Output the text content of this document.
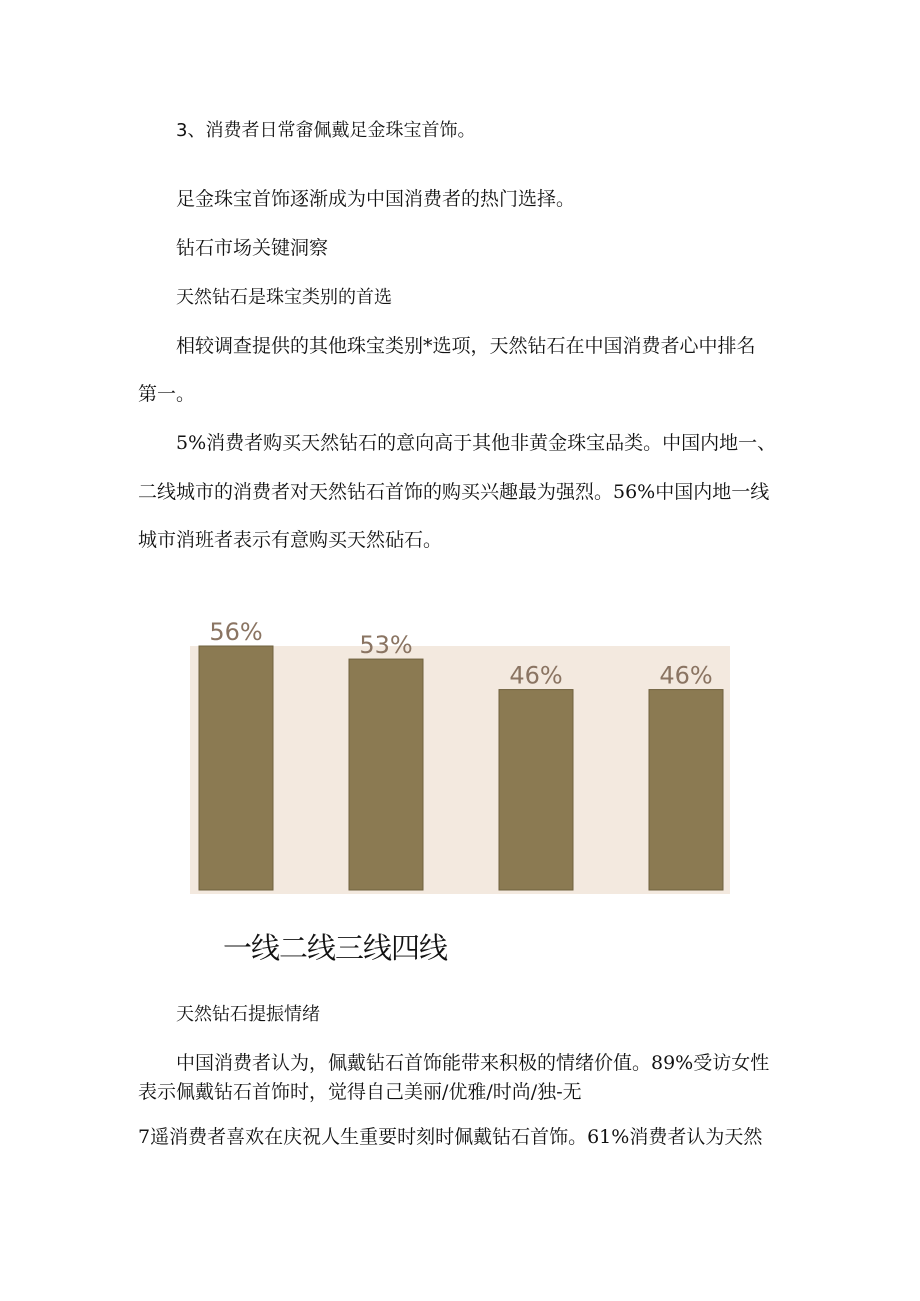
3、消费者日常畲佩戴足金珠宝首饰。
足金珠宝首饰逐渐成为中国消费者的热门选择。
钻石市场关键洞察
天然钻石是珠宝类别的首选
相较调查提供的其他珠宝类别*选项，天然钻石在中国消费者心中排名
第一。
5%消费者购买天然钻石的意向高于其他非黄金珠宝品类。中国内地一、
二线城市的消费者对天然钻石首饰的购买兴趣最为强烈。56%中国内地一线
城市消班者表示有意购买天然砧石。
56%	53%
46%	46%
一线二线三线四线
天然钻石提振情绪
中国消费者认为，佩戴钻石首饰能带来积极的情绪价值。89%受访女性
表示佩戴钻石首饰时，觉得自己美丽/优雅/时尚/独-无
7遥消费者喜欢在庆祝人生重要时刻时佩戴钻石首饰。61%消费者认为天然
